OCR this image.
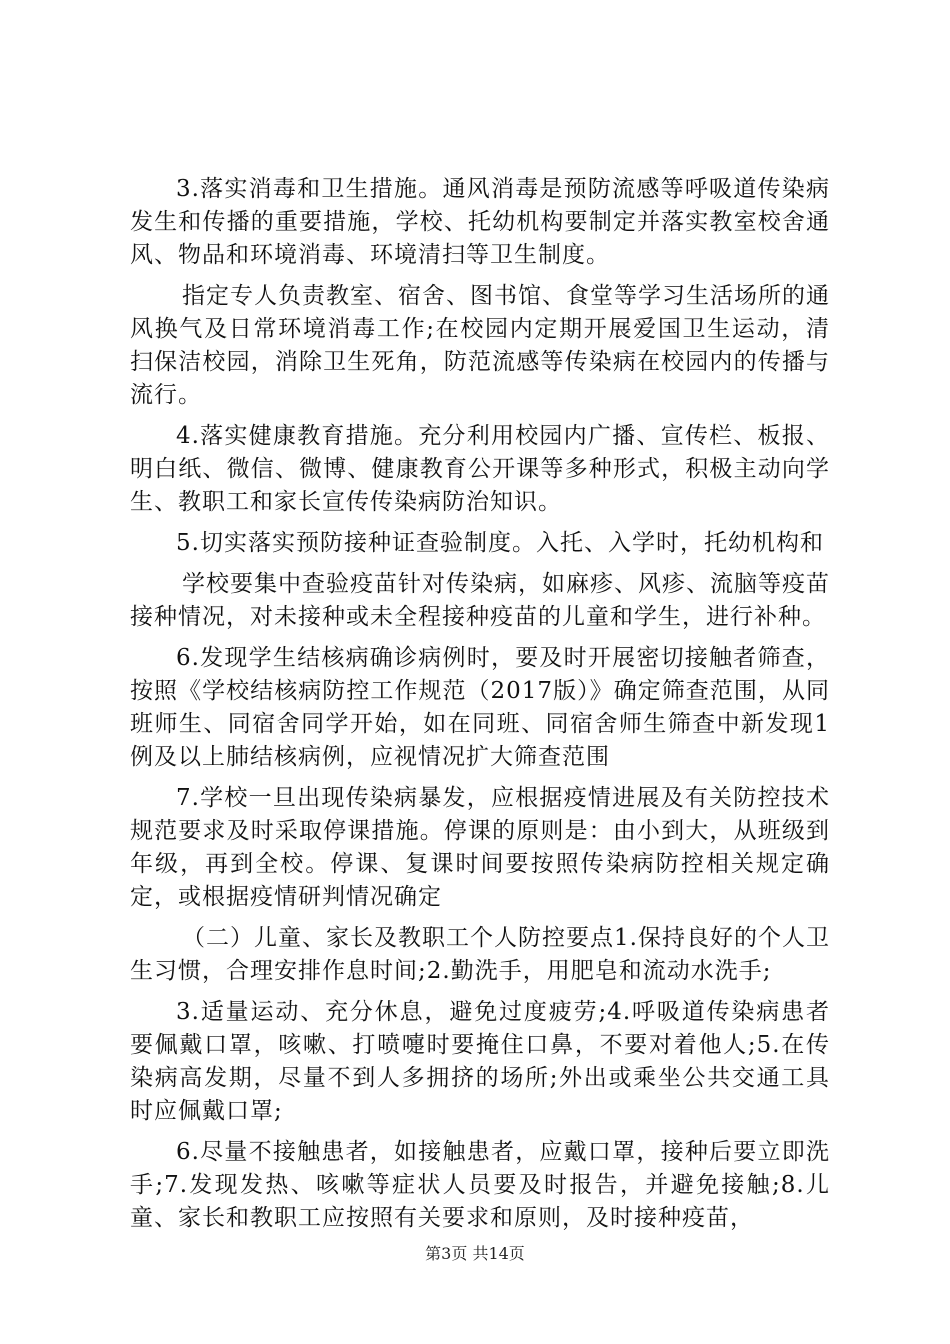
3.落实消毒和卫生措施。通风消毒是预防流感等呼吸道传染病发生和传播的重要措施，学校、托幼机构要制定并落实教室校舍通风、物品和环境消毒、环境清扫等卫生制度。

指定专人负责教室、宿舍、图书馆、食堂等学习生活场所的通风换气及日常环境消毒工作;在校园内定期开展爱国卫生运动，清扫保洁校园，消除卫生死角，防范流感等传染病在校园内的传播与流行。

4.落实健康教育措施。充分利用校园内广播、宣传栏、板报、明白纸、微信、微博、健康教育公开课等多种形式，积极主动向学生、教职工和家长宣传传染病防治知识。

5.切实落实预防接种证查验制度。入托、入学时，托幼机构和

学校要集中查验疫苗针对传染病，如麻疹、风疹、流脑等疫苗接种情况，对未接种或未全程接种疫苗的儿童和学生，进行补种。

6.发现学生结核病确诊病例时，要及时开展密切接触者筛查，按照《学校结核病防控工作规范（2017版）》确定筛查范围，从同班师生、同宿舍同学开始，如在同班、同宿舍师生筛查中新发现1例及以上肺结核病例，应视情况扩大筛查范围

7.学校一旦出现传染病暴发，应根据疫情进展及有关防控技术规范要求及时采取停课措施。停课的原则是：由小到大，从班级到年级，再到全校。停课、复课时间要按照传染病防控相关规定确定，或根据疫情研判情况确定

（二）儿童、家长及教职工个人防控要点1.保持良好的个人卫生习惯，合理安排作息时间;2.勤洗手，用肥皂和流动水洗手;

3.适量运动、充分休息，避免过度疲劳;4.呼吸道传染病患者要佩戴口罩，咳嗽、打喷嚏时要掩住口鼻，不要对着他人;5.在传染病高发期，尽量不到人多拥挤的场所;外出或乘坐公共交通工具时应佩戴口罩;

6.尽量不接触患者，如接触患者，应戴口罩，接种后要立即洗手;7.发现发热、咳嗽等症状人员要及时报告，并避免接触;8.儿童、家长和教职工应按照有关要求和原则，及时接种疫苗，

第3页 共14页
